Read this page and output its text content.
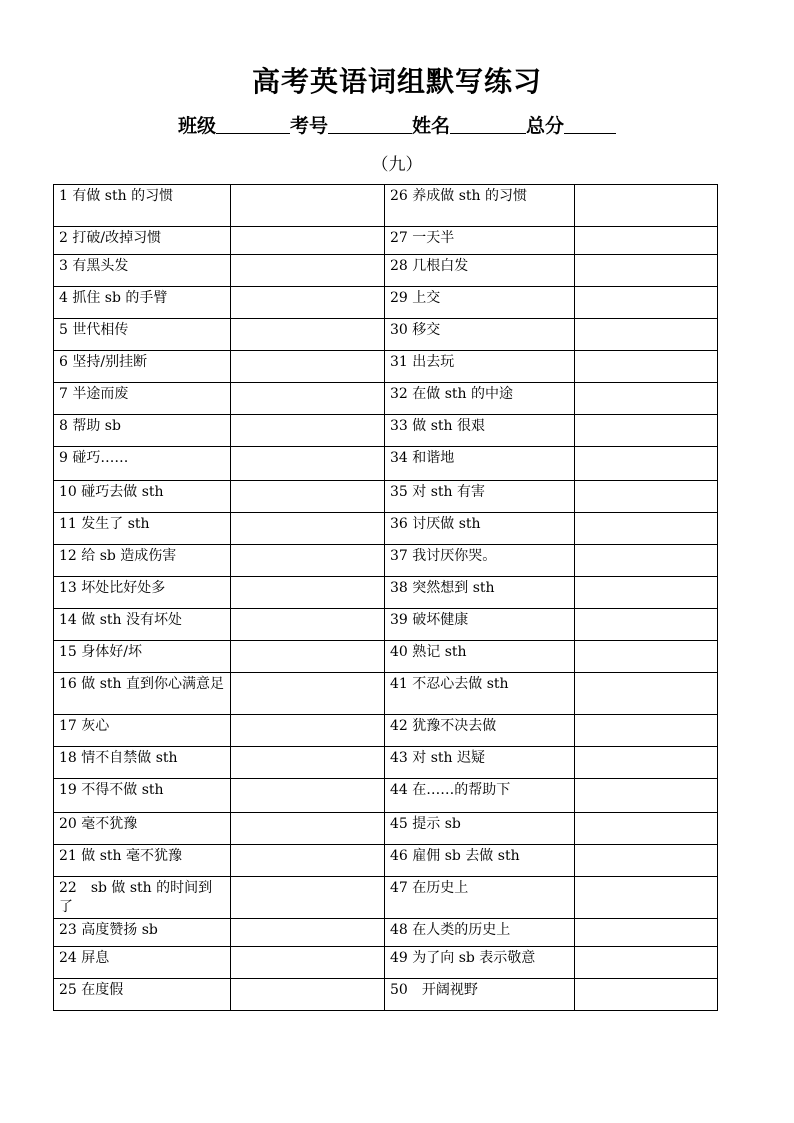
高考英语词组默写练习
班级	考号	姓名	总分
（九）
1 有做 sth 的习惯		26 养成做 sth 的习惯	
2 打破/改掉习惯		27 一天半	
3 有黑头发		28 几根白发	
4 抓住 sb 的手臂		29 上交	
5 世代相传		30 移交	
6 坚持/别挂断		31 出去玩	
7 半途而废		32 在做 sth 的中途	
8 帮助 sb		33 做 sth 很艰	
9 碰巧……		34 和谐地	
10 碰巧去做 sth		35 对 sth 有害	
11 发生了 sth		36 讨厌做 sth	
12 给 sb 造成伤害		37 我讨厌你哭。	
13 坏处比好处多		38 突然想到 sth	
14 做 sth 没有坏处		39 破坏健康	
15 身体好/坏		40 熟记 sth	
16 做 sth 直到你心满意足		41 不忍心去做 sth	
17 灰心		42 犹豫不决去做	
18 情不自禁做 sth		43 对 sth 迟疑	
19 不得不做 sth		44 在……的帮助下	
20 毫不犹豫		45 提示 sb	
21 做 sth 毫不犹豫		46 雇佣 sb 去做 sth	
22　sb 做 sth 的时间到了		47 在历史上	
23 高度赞扬 sb		48 在人类的历史上	
24 屏息		49 为了向 sb 表示敬意	
25 在度假		50　开阔视野	
